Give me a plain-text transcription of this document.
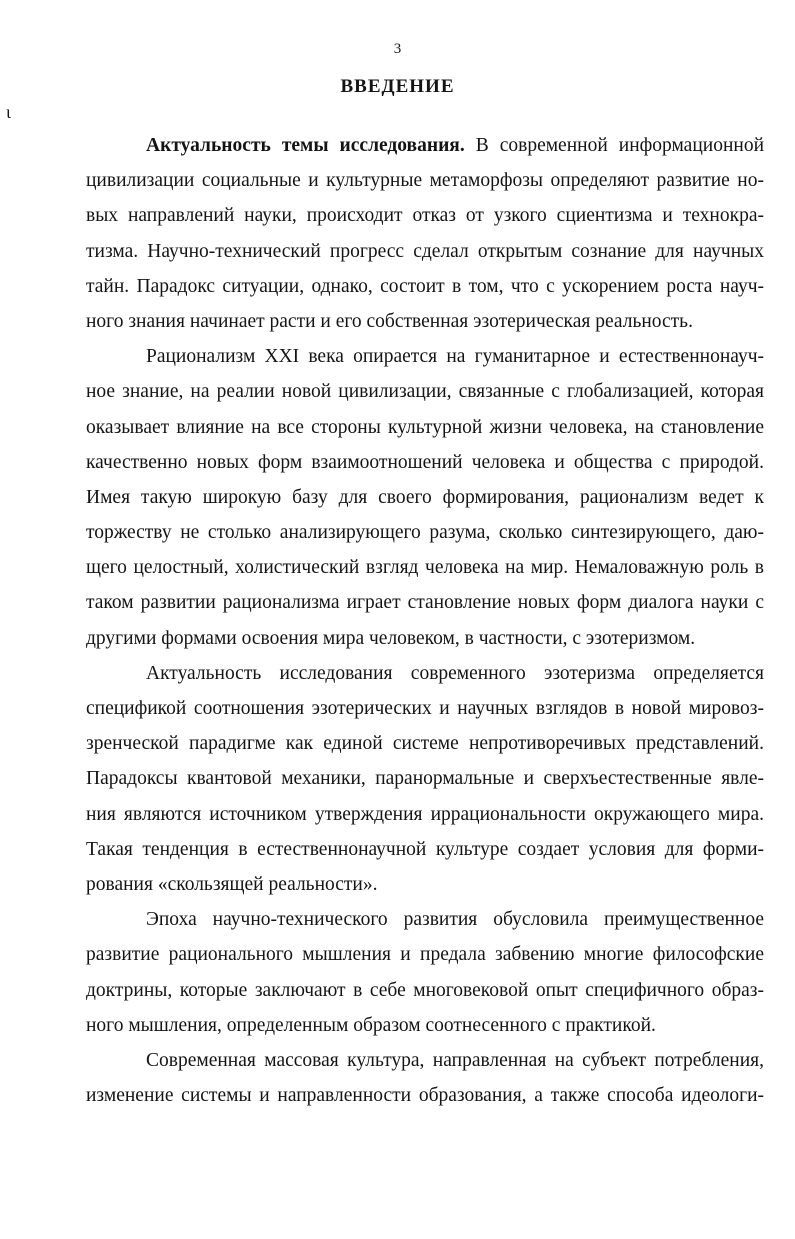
3
ВВЕДЕНИЕ
ι
Актуальность темы исследования. В современной информационной
цивилизации социальные и культурные метаморфозы определяют развитие но-
вых направлений науки, происходит отказ от узкого сциентизма и технокра-
тизма. Научно-технический прогресс сделал открытым сознание для научных
тайн. Парадокс ситуации, однако, состоит в том, что с ускорением роста науч-
ного знания начинает расти и его собственная эзотерическая реальность.
Рационализм XXI века опирается на гуманитарное и естественнонауч-
ное знание, на реалии новой цивилизации, связанные с глобализацией, которая
оказывает влияние на все стороны культурной жизни человека, на становление
качественно новых форм взаимоотношений человека и общества с природой.
Имея такую широкую базу для своего формирования, рационализм ведет к
торжеству не столько анализирующего разума, сколько синтезирующего, даю-
щего целостный, холистический взгляд человека на мир. Немаловажную роль в
таком развитии рационализма играет становление новых форм диалога науки с
другими формами освоения мира человеком, в частности, с эзотеризмом.
Актуальность исследования современного эзотеризма определяется
спецификой соотношения эзотерических и научных взглядов в новой мировоз-
зренческой парадигме как единой системе непротиворечивых представлений.
Парадоксы квантовой механики, паранормальные и сверхъестественные явле-
ния являются источником утверждения иррациональности окружающего мира.
Такая тенденция в естественнонаучной культуре создает условия для форми-
рования «скользящей реальности».
Эпоха научно-технического развития обусловила преимущественное
развитие рационального мышления и предала забвению многие философские
доктрины, которые заключают в себе многовековой опыт специфичного образ-
ного мышления, определенным образом соотнесенного с практикой.
Современная массовая культура, направленная на субъект потребления,
изменение системы и направленности образования, а также способа идеологи-
